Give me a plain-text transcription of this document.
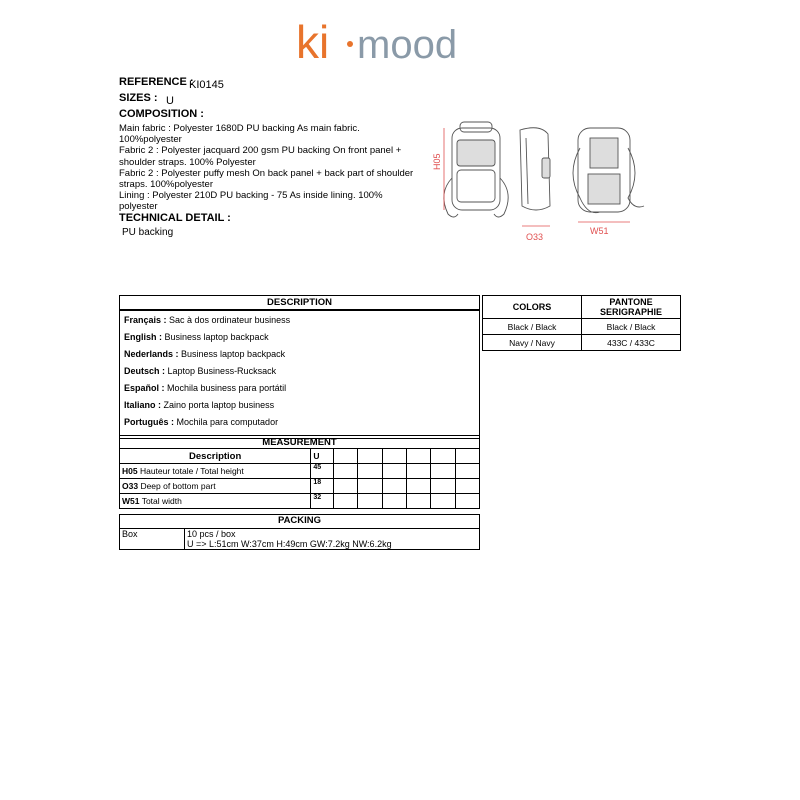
ki mood
REFERENCE :
KI0145
SIZES : U
COMPOSITION :
Main fabric : Polyester 1680D PU backing As main fabric. 100%polyester
Fabric 2 : Polyester jacquard 200 gsm PU backing On front panel + shoulder straps. 100% Polyester
Fabric 2 : Polyester puffy mesh On back panel + back part of shoulder straps. 100%polyester
Lining : Polyester 210D PU backing - 75 As inside lining. 100% polyester
TECHNICAL DETAIL :
PU backing
H05
O33
W51
DESCRIPTION
Français : Sac à dos ordinateur business
English : Business laptop backpack
Nederlands : Business laptop backpack
Deutsch : Laptop Business-Rucksack
Español : Mochila business para portátil
Italiano : Zaino porta laptop business
Português : Mochila para computador
COLORS	PANTONE SERIGRAPHIE
Black / Black	Black / Black
Navy / Navy	433C / 433C
MEASUREMENT							
Description	U						
H05 Hauteur totale / Total height	45						
O33 Deep of bottom part	18						
W51 Total width	32						
PACKING
Box	10 pcs / box
U => L:51cm W:37cm H:49cm GW:7.2kg NW:6.2kg
